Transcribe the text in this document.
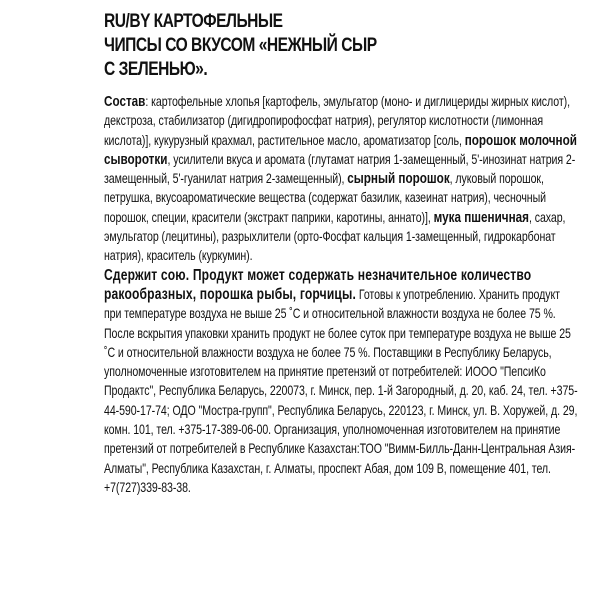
RU/BY КАРТОФЕЛЬНЫЕ
ЧИПСЫ СО ВКУСОМ «НЕЖНЫЙ СЫР
С ЗЕЛЕНЬЮ».

Состав: картофельные хлопья [картофель, эмульгатор (моно- и диглицериды жирных кислот), декстроза, стабилизатор (дигидропирофосфат натрия), регулятор кислотности (лимонная кислота)], кукурузный крахмал, растительное масло, ароматизатор [соль, порошок молочной сыворотки, усилители вкуса и аромата (глутамат натрия 1-замещенный, 5'-инозинат натрия 2-замещенный, 5'-гуанилат натрия 2-замещенный), сырный порошок, луковый порошок, петрушка, вкусоароматические вещества (содержат базилик, казеинат натрия), чесночный порошок, специи, красители (экстракт паприки, каротины, аннато)], мука пшеничная, сахар, эмульгатор (лецитины), разрыхлители (орто-Фосфат кальция 1-замещенный, гидрокарбонат натрия), краситель (куркумин).

Сдержит сою. Продукт может содержать незначительное количество ракообразных, порошка рыбы, горчицы. Готовы к употреблению. Хранить продукт при температуре воздуха не выше 25 ˚С и относительной влажности воздуха не более 75 %. После вскрытия упаковки хранить продукт не более суток при температуре воздуха не выше 25 ˚С и относительной влажности воздуха не более 75 %. Поставщики в Республику Беларусь, уполномоченные изготовителем на принятие претензий от потребителей: ИООО "ПепсиКо Продактс", Республика Беларусь, 220073, г. Минск, пер. 1-й Загородный, д. 20, каб. 24, тел. +375-44-590-17-74; ОДО "Мостра-групп", Республика Беларусь, 220123, г. Минск, ул. В. Хоружей, д. 29, комн. 101, тел. +375-17-389-06-00. Организация, уполномоченная изготовителем на принятие претензий от потребителей в Республике Казахстан:ТОО "Вимм-Билль-Данн-Центральная Азия-Алматы", Республика Казахстан, г. Алматы, проспект Абая, дом 109 В, помещение 401, тел. +7(727)339-83-38.
